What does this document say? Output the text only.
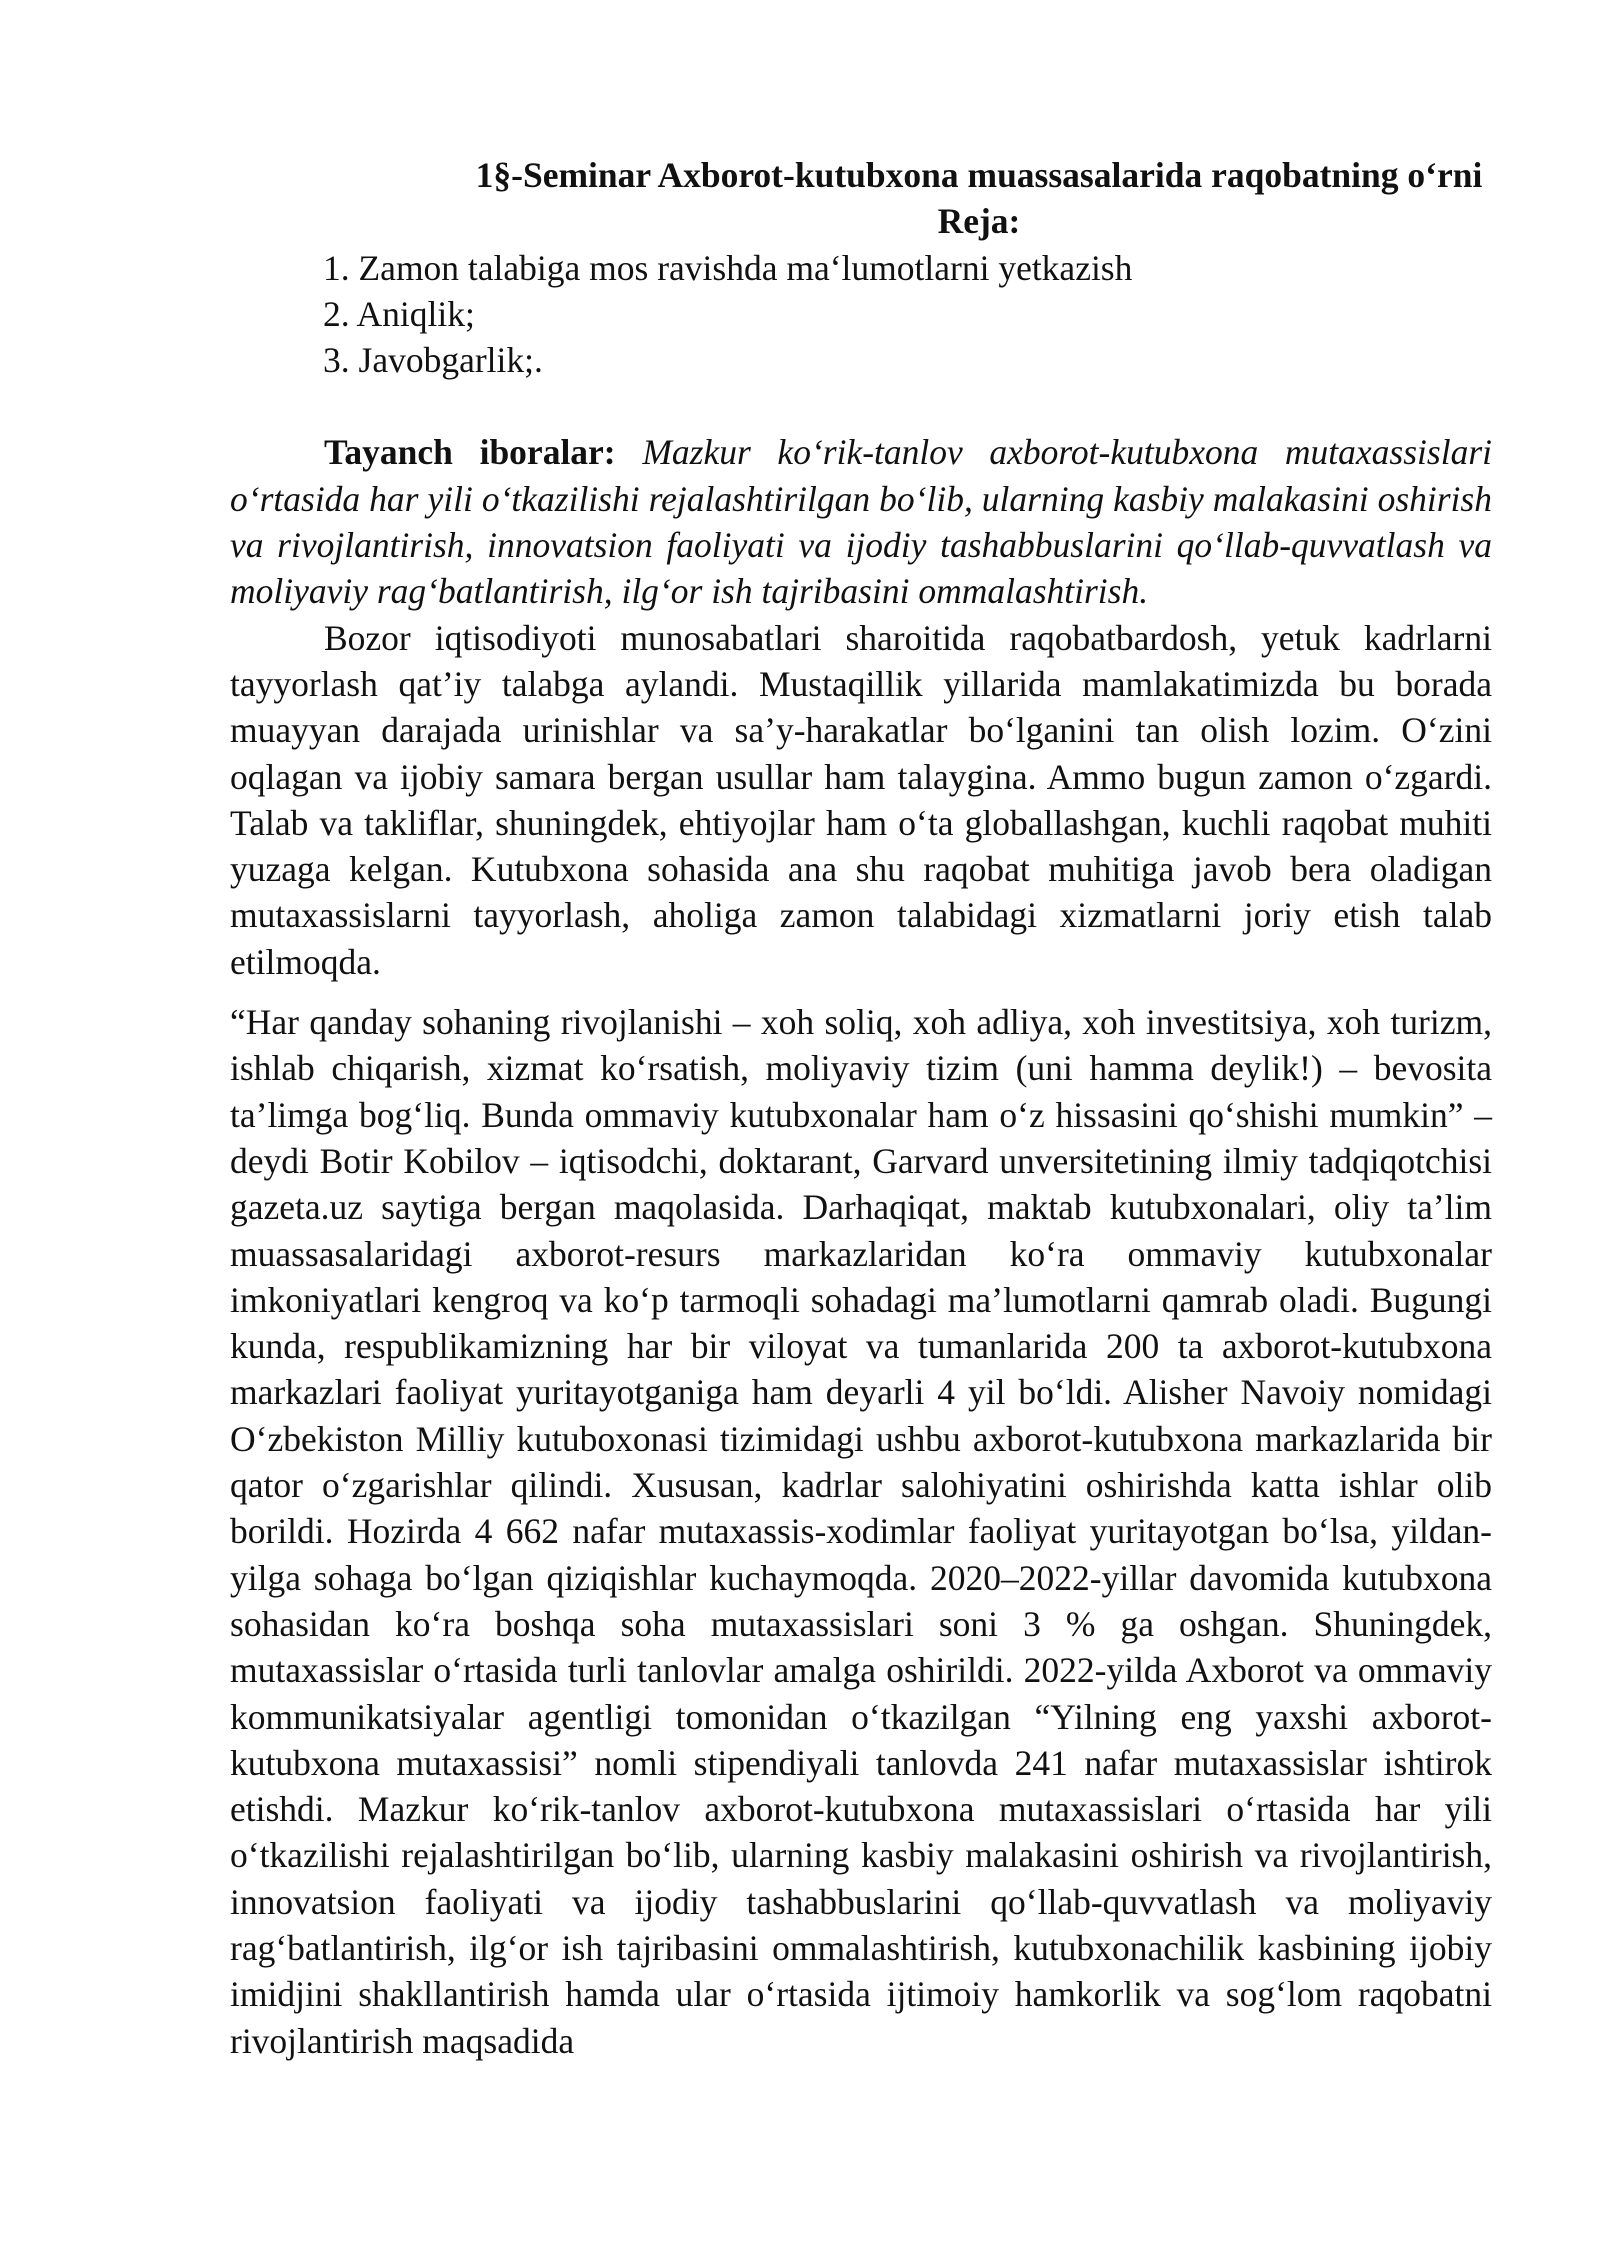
1§-Seminar Axborot-kutubxona muassasalarida raqobatning o‘rni

Reja:

1. Zamon talabiga mos ravishda ma‘lumotlarni yetkazish
2. Aniqlik;
3. Javobgarlik;.

Tayanch iboralar: Mazkur ko‘rik-tanlov axborot-kutubxona mutaxassislari o‘rtasida har yili o‘tkazilishi rejalashtirilgan bo‘lib, ularning kasbiy malakasini oshirish va rivojlantirish, innovatsion faoliyati va ijodiy tashabbuslarini qo‘llab-quvvatlash va moliyaviy rag‘batlantirish, ilg‘or ish tajribasini ommalashtirish.

Bozor iqtisodiyoti munosabatlari sharoitida raqobatbardosh, yetuk kadrlarni tayyorlash qat’iy talabga aylandi. Mustaqillik yillarida mamlakatimizda bu borada muayyan darajada urinishlar va sa’y-harakatlar bo‘lganini tan olish lozim. O‘zini oqlagan va ijobiy samara bergan usullar ham talaygina. Ammo bugun zamon o‘zgardi. Talab va takliflar, shuningdek, ehtiyojlar ham o‘ta globallashgan, kuchli raqobat muhiti yuzaga kelgan. Kutubxona sohasida ana shu raqobat muhitiga javob bera oladigan mutaxassislarni tayyorlash, aholiga zamon talabidagi xizmatlarni joriy etish talab etilmoqda.

“Har qanday sohaning rivojlanishi – xoh soliq, xoh adliya, xoh investitsiya, xoh turizm, ishlab chiqarish, xizmat ko‘rsatish, moliyaviy tizim (uni hamma deylik!) – bevosita ta’limga bog‘liq. Bunda ommaviy kutubxonalar ham o‘z hissasini qo‘shishi mumkin” – deydi Botir Kobilov – iqtisodchi, doktarant, Garvard unversitetining ilmiy tadqiqotchisi gazeta.uz saytiga bergan maqolasida. Darhaqiqat, maktab kutubxonalari, oliy ta’lim muassasalaridagi axborot-resurs markazlaridan ko‘ra ommaviy kutubxonalar imkoniyatlari kengroq va ko‘p tarmoqli sohadagi ma’lumotlarni qamrab oladi. Bugungi kunda, respublikamizning har bir viloyat va tumanlarida 200 ta axborot-kutubxona markazlari faoliyat yuritayotganiga ham deyarli 4 yil bo‘ldi. Alisher Navoiy nomidagi O‘zbekiston Milliy kutuboxonasi tizimidagi ushbu axborot-kutubxona markazlarida bir qator o‘zgarishlar qilindi. Xususan, kadrlar salohiyatini oshirishda katta ishlar olib borildi. Hozirda 4 662 nafar mutaxassis-xodimlar faoliyat yuritayotgan bo‘lsa, yildan-yilga sohaga bo‘lgan qiziqishlar kuchaymoqda. 2020–2022-yillar davomida kutubxona sohasidan ko‘ra boshqa soha mutaxassislari soni 3 % ga oshgan. Shuningdek, mutaxassislar o‘rtasida turli tanlovlar amalga oshirildi. 2022-yilda Axborot va ommaviy kommunikatsiyalar agentligi tomonidan o‘tkazilgan “Yilning eng yaxshi axborot-kutubxona mutaxassisi” nomli stipendiyali tanlovda 241 nafar mutaxassislar ishtirok etishdi. Mazkur ko‘rik-tanlov axborot-kutubxona mutaxassislari o‘rtasida har yili o‘tkazilishi rejalashtirilgan bo‘lib, ularning kasbiy malakasini oshirish va rivojlantirish, innovatsion faoliyati va ijodiy tashabbuslarini qo‘llab-quvvatlash va moliyaviy rag‘batlantirish, ilg‘or ish tajribasini ommalashtirish, kutubxonachilik kasbining ijobiy imidjini shakllantirish hamda ular o‘rtasida ijtimoiy hamkorlik va sog‘lom raqobatni rivojlantirish maqsadida
